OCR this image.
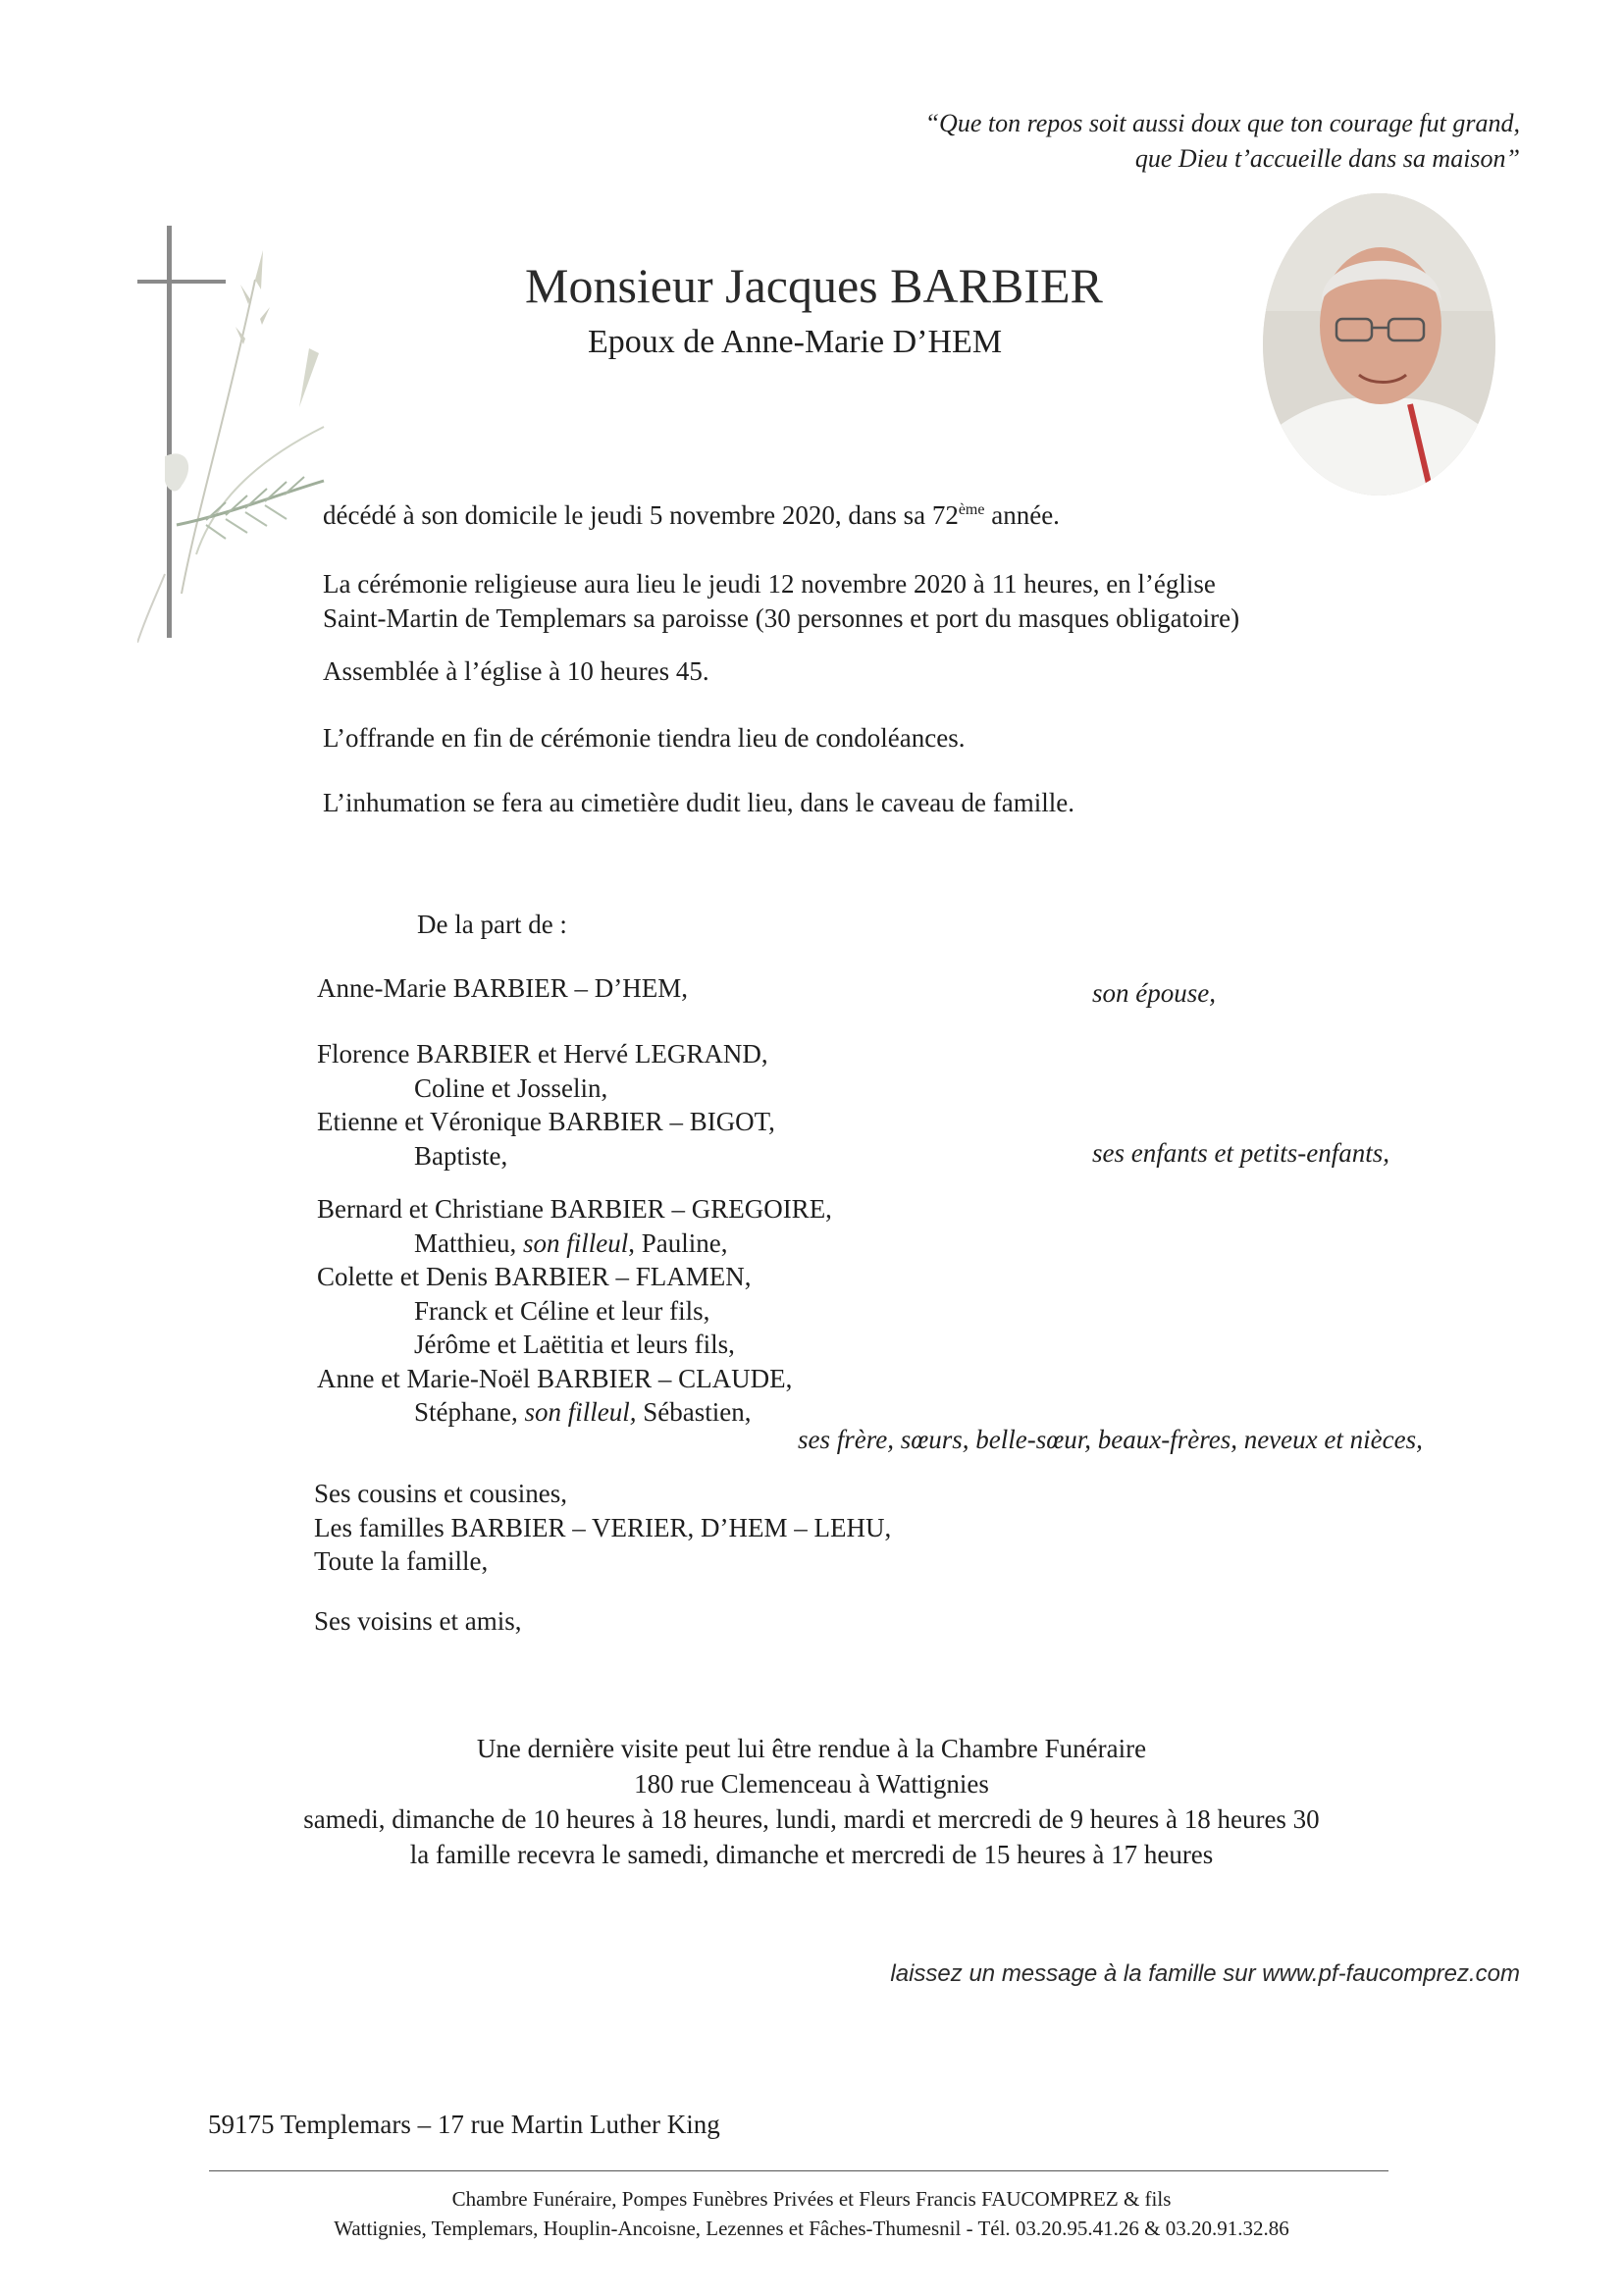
“Que ton repos soit aussi doux que ton courage fut grand,
que Dieu t’accueille dans sa maison”
Monsieur Jacques BARBIER
Epoux de Anne-Marie D’HEM
décédé à son domicile le jeudi 5 novembre 2020, dans sa 72ème année.
La cérémonie religieuse aura lieu le jeudi 12 novembre 2020 à 11 heures, en l’église
Saint-Martin de Templemars sa paroisse (30 personnes et port du masques obligatoire)
Assemblée à l’église à 10 heures 45.
L’offrande en fin de cérémonie tiendra lieu de condoléances.
L’inhumation se fera au cimetière dudit lieu, dans le caveau de famille.
De la part de :
Anne-Marie BARBIER – D’HEM,	son épouse,
Florence BARBIER et Hervé LEGRAND,
Coline et Josselin,
Etienne et Véronique BARBIER – BIGOT,
Baptiste,	ses enfants et petits-enfants,
Bernard et Christiane BARBIER – GREGOIRE,
Matthieu, son filleul, Pauline,
Colette et Denis BARBIER – FLAMEN,
Franck et Céline et leur fils,
Jérôme et Laëtitia et leurs fils,
Anne et Marie-Noël BARBIER – CLAUDE,
Stéphane, son filleul, Sébastien,
ses frère, sœurs, belle-sœur, beaux-frères, neveux et nièces,
Ses cousins et cousines,
Les familles BARBIER – VERIER, D’HEM – LEHU,
Toute la famille,
Ses voisins et amis,
Une dernière visite peut lui être rendue à la Chambre Funéraire
180 rue Clemenceau à Wattignies
samedi, dimanche de 10 heures à 18 heures, lundi, mardi et mercredi de 9 heures à 18 heures 30
la famille recevra le samedi, dimanche et mercredi de 15 heures à 17 heures
laissez un message à la famille sur www.pf-faucomprez.com
59175 Templemars – 17 rue Martin Luther King
Chambre Funéraire, Pompes Funèbres Privées et Fleurs Francis FAUCOMPREZ & fils
Wattignies, Templemars, Houplin-Ancoisne, Lezennes et Fâches-Thumesnil - Tél. 03.20.95.41.26 & 03.20.91.32.86
